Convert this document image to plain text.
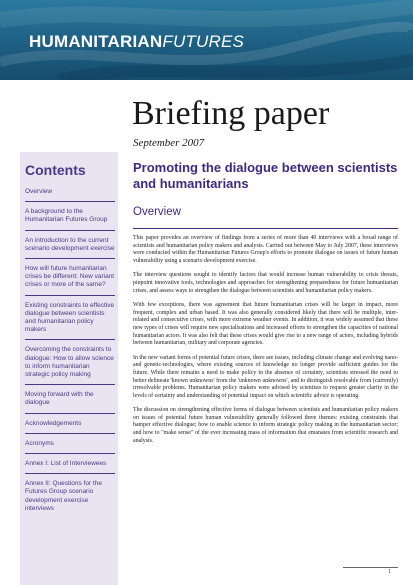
HUMANITARIANFUTURES
Briefing paper
September 2007
Contents
Overview
A background to the Humanitarian Futures Group
An introduction to the current scenario development exercise
How will future humanitarian crises be different: New variant crises or more of the same?
Existing constraints to effective dialogue between scientists and humanitarian policy makers
Overcoming the constraints to dialogue: How to allow science to inform humanitarian strategic policy making
Moving forward with the dialogue
Acknowledgements
Acronyms
Annex I: List of Interviewees
Annex II: Questions for the Futures Group scenario development exercise interviews
Promoting the dialogue between scientists and humanitarians
Overview

This paper provides an overview of findings from a series of more than 40 interviews with a broad range of scientists and humanitarian policy makers and analysts. Carried out between May to July 2007, these interviews were conducted within the Humanitarian Futures Group's efforts to promote dialogue on issues of future human vulnerability using a scenario development exercise.

The interview questions sought to identify factors that would increase human vulnerability to crisis threats, pinpoint innovative tools, technologies and approaches for strengthening preparedness for future humanitarian crises, and assess ways to strengthen the dialogue between scientists and humanitarian policy makers.

With few exceptions, there was agreement that future humanitarian crises will be larger in impact, more frequent, complex and urban based. It was also generally considered likely that there will be multiple, inter-related and consecutive crises, with more extreme weather events. In addition, it was widely assumed that these new types of crises will require new specialisations and increased efforts to strengthen the capacities of national humanitarian actors. It was also felt that these crises would give rise to a new range of actors, including hybrids between humanitarian, military and corporate agencies.

In the new variant forms of potential future crises, there are issues, including climate change and evolving nano- and genetic-technologies, where existing sources of knowledge no longer provide sufficient guides for the future. While there remains a need to make policy in the absence of certainty, scientists stressed the need to better delineate 'known unknowns' from the 'unknown unknowns', and to distinguish resolvable from (currently) irresolvable problems. Humanitarian policy makers were advised by scientists to request greater clarity in the levels of certainty and understanding of potential impact on which scientific advice is operating.

The discussion on strengthening effective forms of dialogue between scientists and humanitarian policy makers on issues of potential future human vulnerability generally followed three themes: existing constraints that hamper effective dialogue; how to enable science to inform strategic policy making in the humanitarian sector; and how to "make sense" of the ever increasing mass of information that emanates from scientific research and analysis.

1
